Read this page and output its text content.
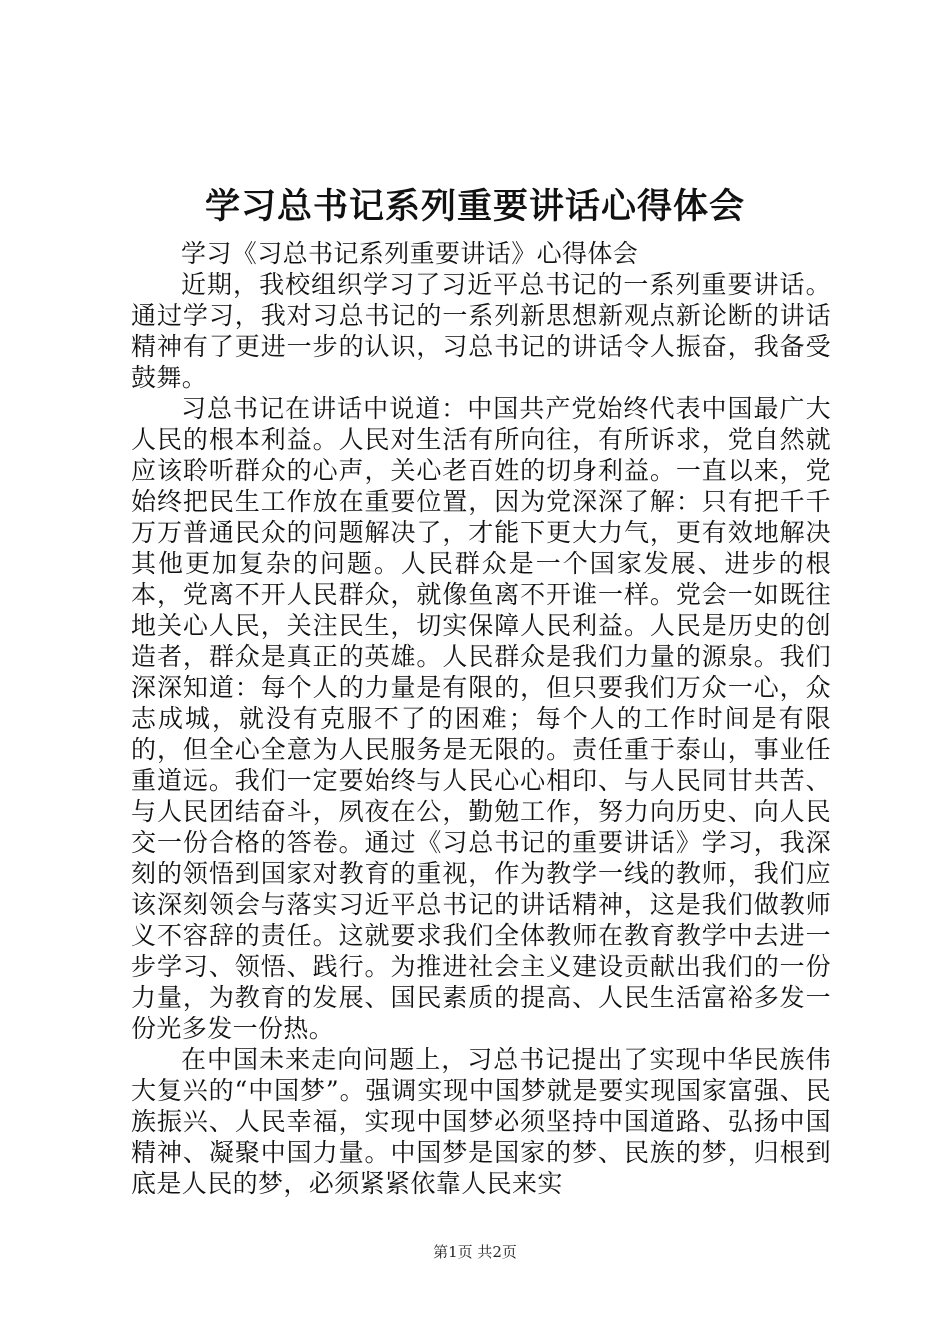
学习总书记系列重要讲话心得体会

学习《习总书记系列重要讲话》心得体会

近期，我校组织学习了习近平总书记的一系列重要讲话。通过学习，我对习总书记的一系列新思想新观点新论断的讲话精神有了更进一步的认识，习总书记的讲话令人振奋，我备受鼓舞。

习总书记在讲话中说道：中国共产党始终代表中国最广大人民的根本利益。人民对生活有所向往，有所诉求，党自然就应该聆听群众的心声，关心老百姓的切身利益。一直以来，党始终把民生工作放在重要位置，因为党深深了解：只有把千千万万普通民众的问题解决了，才能下更大力气，更有效地解决其他更加复杂的问题。人民群众是一个国家发展、进步的根本，党离不开人民群众，就像鱼离不开谁一样。党会一如既往地关心人民，关注民生，切实保障人民利益。人民是历史的创造者，群众是真正的英雄。人民群众是我们力量的源泉。我们深深知道：每个人的力量是有限的，但只要我们万众一心，众志成城，就没有克服不了的困难；每个人的工作时间是有限的，但全心全意为人民服务是无限的。责任重于泰山，事业任重道远。我们一定要始终与人民心心相印、与人民同甘共苦、与人民团结奋斗，夙夜在公，勤勉工作，努力向历史、向人民交一份合格的答卷。通过《习总书记的重要讲话》学习，我深刻的领悟到国家对教育的重视，作为教学一线的教师，我们应该深刻领会与落实习近平总书记的讲话精神，这是我们做教师义不容辞的责任。这就要求我们全体教师在教育教学中去进一步学习、领悟、践行。为推进社会主义建设贡献出我们的一份力量，为教育的发展、国民素质的提高、人民生活富裕多发一份光多发一份热。

在中国未来走向问题上，习总书记提出了实现中华民族伟大复兴的“中国梦”。强调实现中国梦就是要实现国家富强、民族振兴、人民幸福，实现中国梦必须坚持中国道路、弘扬中国精神、凝聚中国力量。中国梦是国家的梦、民族的梦，归根到底是人民的梦，必须紧紧依靠人民来实

第1页 共2页
